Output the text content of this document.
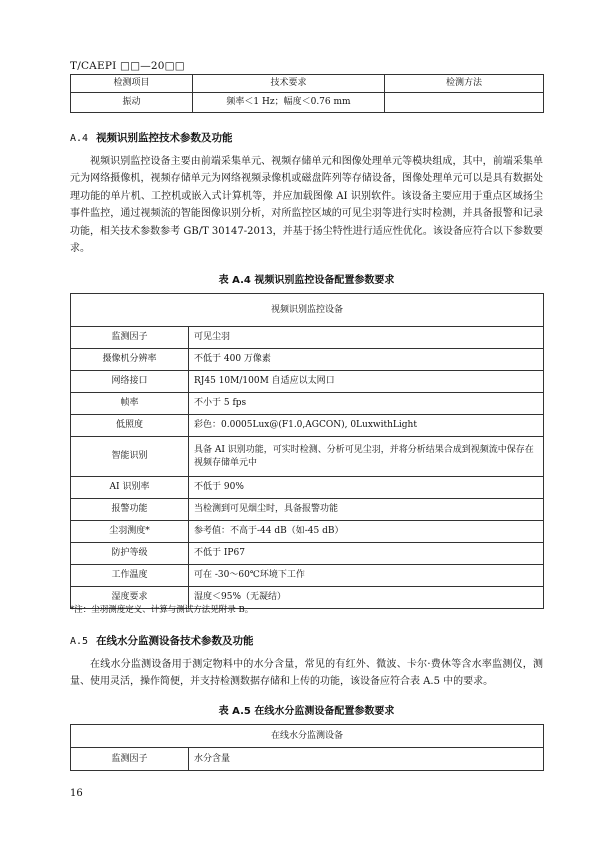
T/CAEPI □□—20□□
检测项目	技术要求	检测方法
振动	频率＜1 Hz；幅度＜0.76 mm	
A.4 视频识别监控技术参数及功能
视频识别监控设备主要由前端采集单元、视频存储单元和图像处理单元等模块组成，其中，前端采集单元为网络摄像机，视频存储单元为网络视频录像机或磁盘阵列等存储设备，图像处理单元可以是具有数据处理功能的单片机、工控机或嵌入式计算机等，并应加载图像 AI 识别软件。该设备主要应用于重点区域扬尘事件监控，通过视频流的智能图像识别分析，对所监控区域的可见尘羽等进行实时检测，并具备报警和记录功能，相关技术参数参考 GB/T 30147-2013，并基于扬尘特性进行适应性优化。该设备应符合以下参数要求。
表 A.4 视频识别监控设备配置参数要求
视频识别监控设备	
监测因子	可见尘羽
摄像机分辨率	不低于 400 万像素
网络接口	RJ45 10M/100M 自适应以太网口
帧率	不小于 5 fps
低照度	彩色：0.0005Lux@(F1.0,AGCON), 0LuxwithLight
智能识别	具备 AI 识别功能，可实时检测、分析可见尘羽，并将分析结果合成到视频流中保存在视频存储单元中
AI 识别率	不低于 90%
报警功能	当检测到可见烟尘时，具备报警功能
尘羽测度*	参考值：不高于-44 dB（如-45 dB）
防护等级	不低于 IP67
工作温度	可在 -30～60℃环境下工作
湿度要求	湿度＜95%（无凝结）
*注：尘羽测度定义、计算与测试方法见附录 B。
A.5 在线水分监测设备技术参数及功能
在线水分监测设备用于测定物料中的水分含量，常见的有红外、微波、卡尔·费休等含水率监测仪，测量、使用灵活，操作简便，并支持检测数据存储和上传的功能，该设备应符合表 A.5 中的要求。
表 A.5 在线水分监测设备配置参数要求
在线水分监测设备
监测因子	水分含量
16
